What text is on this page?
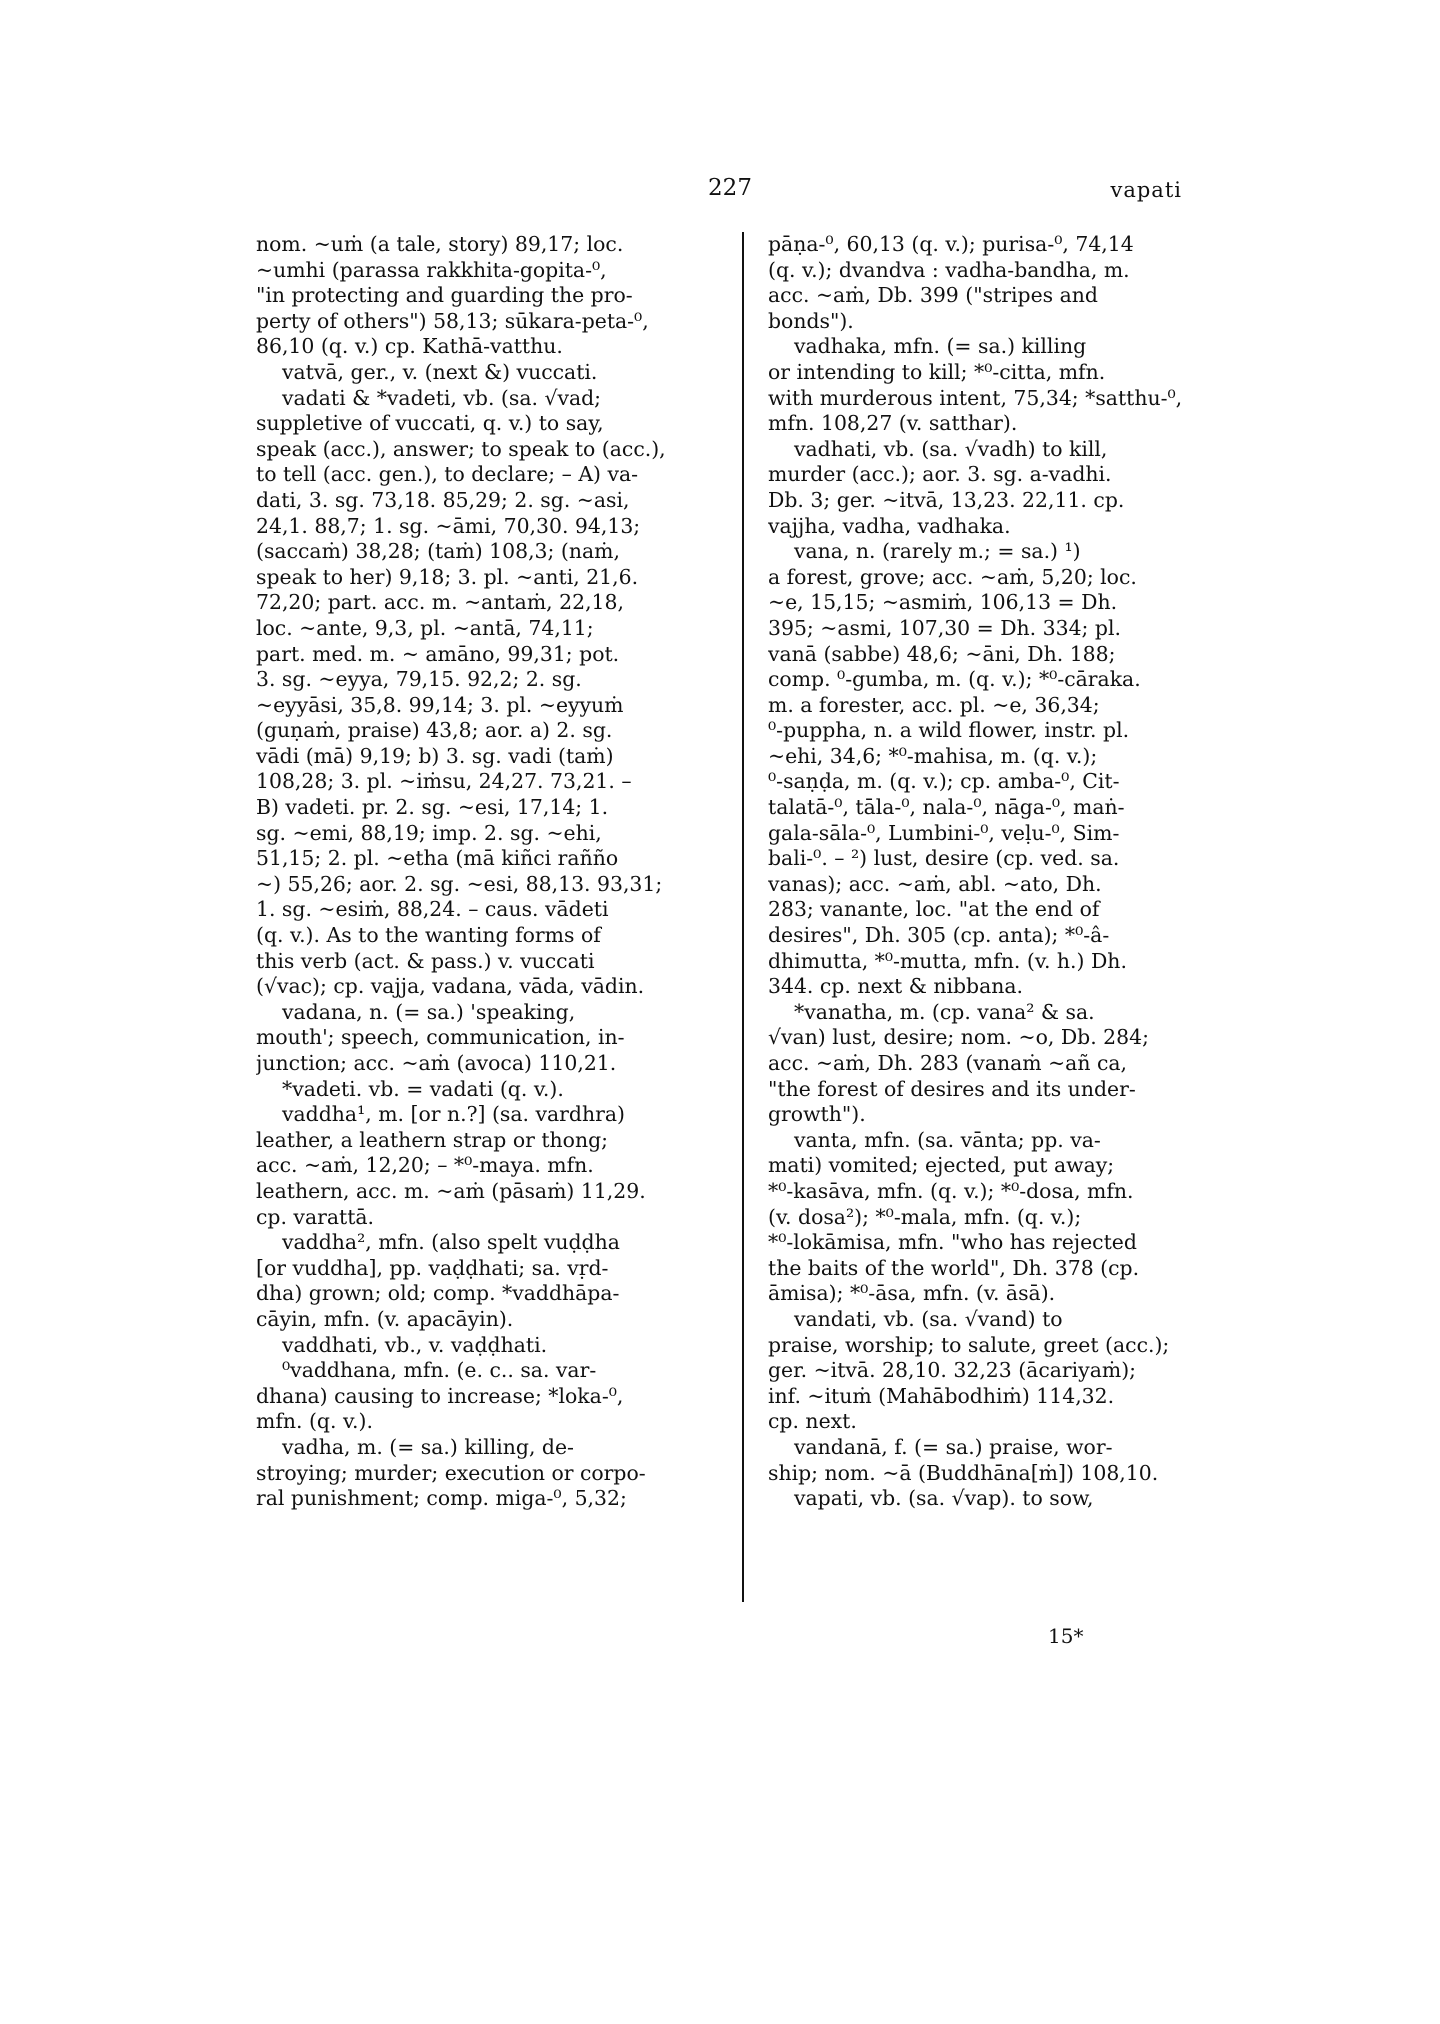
227	vapati
nom. ~uṁ (a tale, story) 89,17; loc.
~umhi (parassa rakkhita-gopita-⁰,
"in protecting and guarding the pro-
perty of others") 58,13; sūkara-peta-⁰,
86,10 (q. v.) cp. Kathā-vatthu.
vatvā, ger., v. (next &) vuccati.
vadati & *vadeti, vb. (sa. √vad;
suppletive of vuccati, q. v.) to say,
speak (acc.), answer; to speak to (acc.),
to tell (acc. gen.), to declare; – A) va-
dati, 3. sg. 73,18. 85,29; 2. sg. ~asi,
24,1. 88,7; 1. sg. ~āmi, 70,30. 94,13;
(saccaṁ) 38,28; (taṁ) 108,3; (naṁ,
speak to her) 9,18; 3. pl. ~anti, 21,6.
72,20; part. acc. m. ~antaṁ, 22,18,
loc. ~ante, 9,3, pl. ~antā, 74,11;
part. med. m. ~ amāno, 99,31; pot.
3. sg. ~eyya, 79,15. 92,2; 2. sg.
~eyyāsi, 35,8. 99,14; 3. pl. ~eyyuṁ
(guṇaṁ, praise) 43,8; aor. a) 2. sg.
vādi (mā) 9,19; b) 3. sg. vadi (taṁ)
108,28; 3. pl. ~iṁsu, 24,27. 73,21. –
B) vadeti. pr. 2. sg. ~esi, 17,14; 1.
sg. ~emi, 88,19; imp. 2. sg. ~ehi,
51,15; 2. pl. ~etha (mā kiñci rañño
~) 55,26; aor. 2. sg. ~esi, 88,13. 93,31;
1. sg. ~esiṁ, 88,24. – caus. vādeti
(q. v.). As to the wanting forms of
this verb (act. & pass.) v. vuccati
(√vac); cp. vajja, vadana, vāda, vādin.
vadana, n. (= sa.) 'speaking,
mouth'; speech, communication, in-
junction; acc. ~aṁ (avoca) 110,21.
*vadeti. vb. = vadati (q. v.).
vaddha¹, m. [or n.?] (sa. vardhra)
leather, a leathern strap or thong;
acc. ~aṁ, 12,20; – *⁰-maya. mfn.
leathern, acc. m. ~aṁ (pāsaṁ) 11,29.
cp. varattā.
vaddha², mfn. (also spelt vuḍḍha
[or vuddha], pp. vaḍḍhati; sa. vṛd-
dha) grown; old; comp. *vaddhāpa-
cāyin, mfn. (v. apacāyin).
vaddhati, vb., v. vaḍḍhati.
⁰vaddhana, mfn. (e. c.. sa. var-
dhana) causing to increase; *loka-⁰,
mfn. (q. v.).
vadha, m. (= sa.) killing, de-
stroying; murder; execution or corpo-
ral punishment; comp. miga-⁰, 5,32;
pāṇa-⁰, 60,13 (q. v.); purisa-⁰, 74,14
(q. v.); dvandva : vadha-bandha, m.
acc. ~aṁ, Db. 399 ("stripes and
bonds").
vadhaka, mfn. (= sa.) killing
or intending to kill; *⁰-citta, mfn.
with murderous intent, 75,34; *satthu-⁰,
mfn. 108,27 (v. satthar).
vadhati, vb. (sa. √vadh) to kill,
murder (acc.); aor. 3. sg. a-vadhi.
Db. 3; ger. ~itvā, 13,23. 22,11. cp.
vajjha, vadha, vadhaka.
vana, n. (rarely m.; = sa.) ¹)
a forest, grove; acc. ~aṁ, 5,20; loc.
~e, 15,15; ~asmiṁ, 106,13 = Dh.
395; ~asmi, 107,30 = Dh. 334; pl.
vanā (sabbe) 48,6; ~āni, Dh. 188;
comp. ⁰-gumba, m. (q. v.); *⁰-cāraka.
m. a forester, acc. pl. ~e, 36,34;
⁰-puppha, n. a wild flower, instr. pl.
~ehi, 34,6; *⁰-mahisa, m. (q. v.);
⁰-saṇḍa, m. (q. v.); cp. amba-⁰, Cit-
talatā-⁰, tāla-⁰, nala-⁰, nāga-⁰, maṅ-
gala-sāla-⁰, Lumbini-⁰, veḷu-⁰, Sim-
bali-⁰. – ²) lust, desire (cp. ved. sa.
vanas); acc. ~aṁ, abl. ~ato, Dh.
283; vanante, loc. "at the end of
desires", Dh. 305 (cp. anta); *⁰-â-
dhimutta, *⁰-mutta, mfn. (v. h.) Dh.
344. cp. next & nibbana.
*vanatha, m. (cp. vana² & sa.
√van) lust, desire; nom. ~o, Db. 284;
acc. ~aṁ, Dh. 283 (vanaṁ ~añ ca,
"the forest of desires and its under-
growth").
vanta, mfn. (sa. vānta; pp. va-
mati) vomited; ejected, put away;
*⁰-kasāva, mfn. (q. v.); *⁰-dosa, mfn.
(v. dosa²); *⁰-mala, mfn. (q. v.);
*⁰-lokāmisa, mfn. "who has rejected
the baits of the world", Dh. 378 (cp.
āmisa); *⁰-āsa, mfn. (v. āsā).
vandati, vb. (sa. √vand) to
praise, worship; to salute, greet (acc.);
ger. ~itvā. 28,10. 32,23 (ācariyaṁ);
inf. ~ituṁ (Mahābodhiṁ) 114,32.
cp. next.
vandanā, f. (= sa.) praise, wor-
ship; nom. ~ā (Buddhāna[ṁ]) 108,10.
vapati, vb. (sa. √vap). to sow,
15*
